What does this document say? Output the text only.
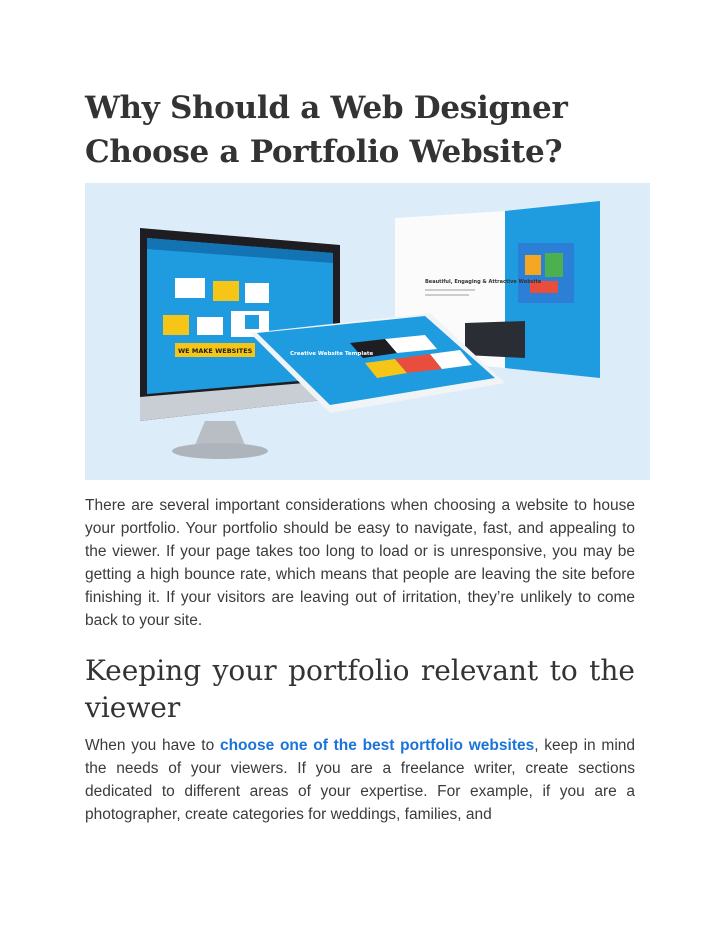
Why Should a Web Designer Choose a Portfolio Website?
WE MAKE WEBSITES
Beautiful, Engaging & Attractive Website
Creative Website Template

There are several important considerations when choosing a website to house your portfolio. Your portfolio should be easy to navigate, fast, and appealing to the viewer. If your page takes too long to load or is unresponsive, you may be getting a high bounce rate, which means that people are leaving the site before finishing it. If your visitors are leaving out of irritation, they’re unlikely to come back to your site.

Keeping your portfolio relevant to the viewer

When you have to choose one of the best portfolio websites, keep in mind the needs of your viewers. If you are a freelance writer, create sections dedicated to different areas of your expertise. For example, if you are a photographer, create categories for weddings, families, and
